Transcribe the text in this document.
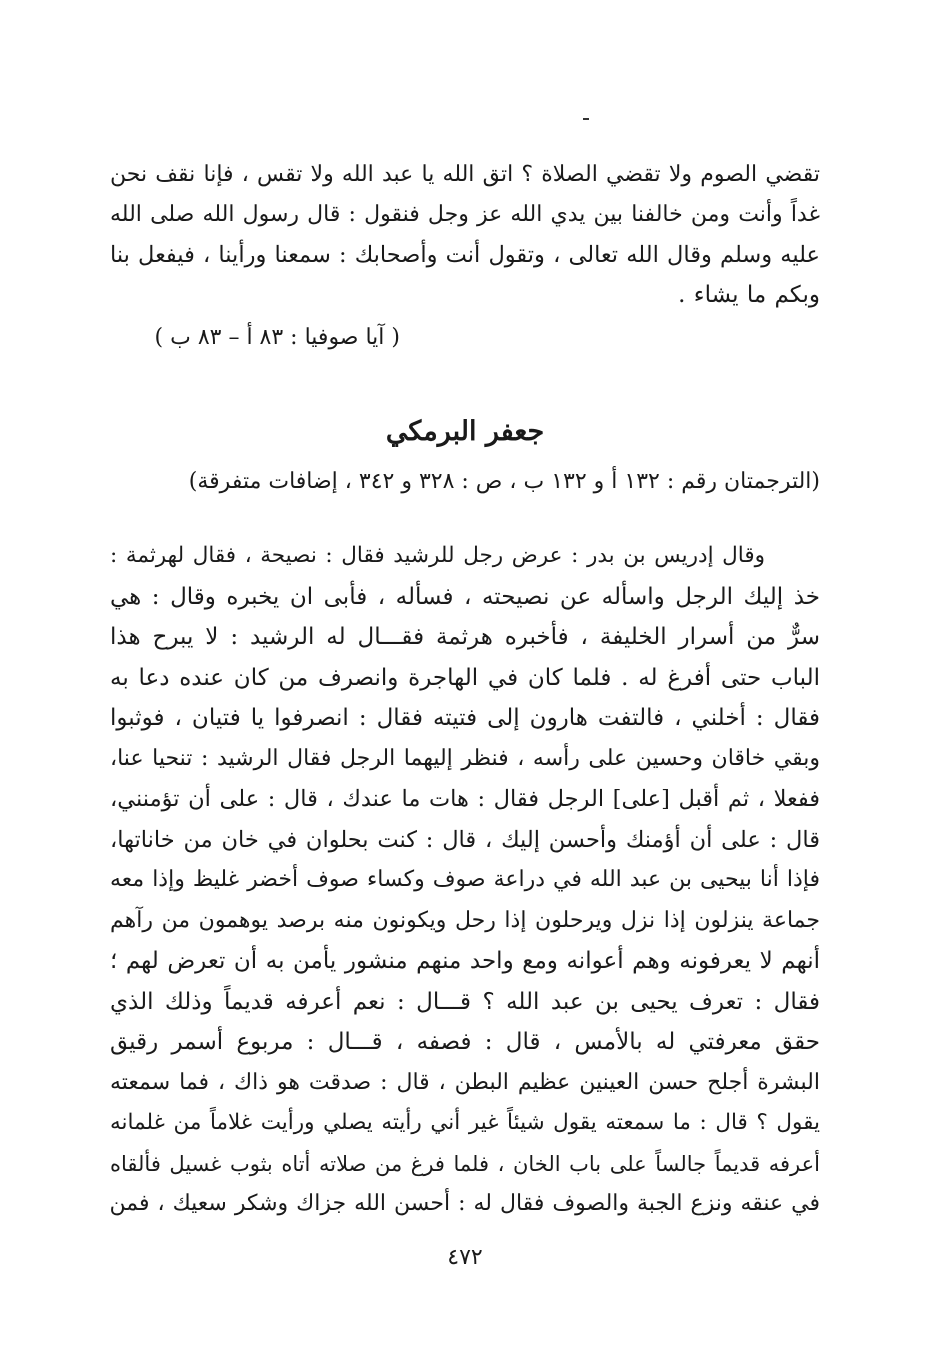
تقضي الصوم ولا تقضي الصلاة ؟ اتق الله يا عبد الله ولا تقس ، فإنا نقف نحن
غداً وأنت ومن خالفنا بين يدي الله عز وجل فنقول : قال رسول الله صلى الله
عليه وسلم وقال الله تعالى ، وتقول أنت وأصحابك : سمعنا ورأينا ، فيفعل بنا
وبكم ما يشاء .
( آيا صوفيا : ٨٣ أ – ٨٣ ب )
جعفر البرمكي
(الترجمتان رقم : ١٣٢ أ و ١٣٢ ب ، ص : ٣٢٨ و ٣٤٢ ، إضافات متفرقة)
وقال إدريس بن بدر : عرض رجل للرشيد فقال : نصيحة ، فقال لهرثمة :
خذ إليك الرجل واسأله عن نصيحته ، فسأله ، فأبى ان يخبره وقال : هي
سرٌّ من أسرار الخليفة ، فأخبره هرثمة فقـــال له الرشيد : لا يبرح هذا
الباب حتى أفرغ له . فلما كان في الهاجرة وانصرف من كان عنده دعا به
فقال : أخلني ، فالتفت هارون إلى فتيته فقال : انصرفوا يا فتيان ، فوثبوا
وبقي خاقان وحسين على رأسه ، فنظر إليهما الرجل فقال الرشيد : تنحيا عنا،
ففعلا ، ثم أقبل [على] الرجل فقال : هات ما عندك ، قال : على أن تؤمنني،
قال : على أن أؤمنك وأحسن إليك ، قال : كنت بحلوان في خان من خاناتها،
فإذا أنا بيحيى بن عبد الله في دراعة صوف وكساء صوف أخضر غليظ وإذا معه
جماعة ينزلون إذا نزل ويرحلون إذا رحل ويكونون منه برصد يوهمون من رآهم
أنهم لا يعرفونه وهم أعوانه ومع واحد منهم منشور يأمن به أن تعرض لهم ؛
فقال : تعرف يحيى بن عبد الله ؟ قـــال : نعم أعرفه قديماً وذلك الذي
حقق معرفتي له بالأمس ، قال : فصفه ، قـــال : مربوع أسمر رقيق
البشرة أجلح حسن العينين عظيم البطن ، قال : صدقت هو ذاك ، فما سمعته
يقول ؟ قال : ما سمعته يقول شيئاً غير أني رأيته يصلي ورأيت غلاماً من غلمانه
أعرفه قديماً جالساً على باب الخان ، فلما فرغ من صلاته أتاه بثوب غسيل فألقاه
في عنقه ونزع الجبة والصوف فقال له : أحسن الله جزاك وشكر سعيك ، فمن
٤٧٢
